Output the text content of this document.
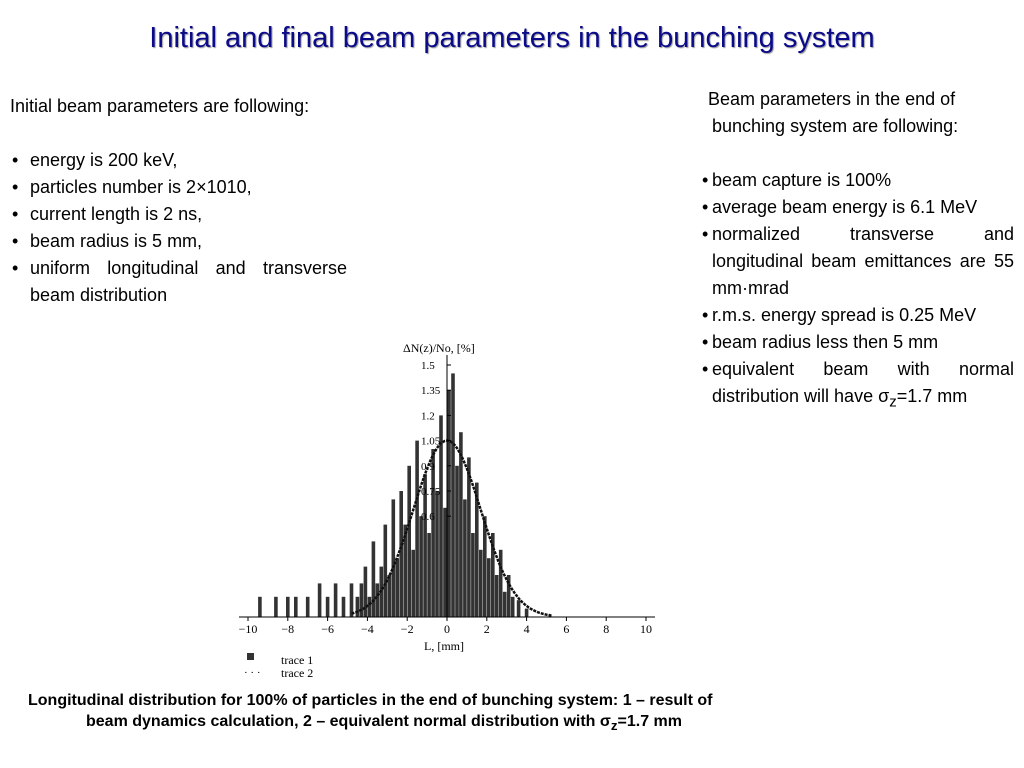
Initial and final beam parameters in the bunching system
Initial beam parameters are following:
• energy is 200 keV,
• particles number is 2×1010,
• current length is 2 ns,
• beam radius is 5 mm,
• uniform longitudinal and transverse beam distribution
Beam parameters in the end of bunching system are following:
• beam capture is 100%
• average beam energy is 6.1 MeV
• normalized transverse and longitudinal beam emittances are 55 mm·mrad
• r.m.s. energy spread is 0.25 MeV
• beam radius less then 5 mm
• equivalent beam with normal distribution will have $\sigma_z=1.7$ mm
−10 −8 −6 −4 −2	0	2	4	6	8	10
1.5
1.35
1.2
1.05
0.9
0.75
0.6
ΔN(z)/No, [%]
L, [mm]
trace 1
· · · trace 2
Longitudinal distribution for 100% of particles in the end of bunching system: 1 – result of
beam dynamics calculation, 2 – equivalent normal distribution with $\sigma_z=1.7$ mm
